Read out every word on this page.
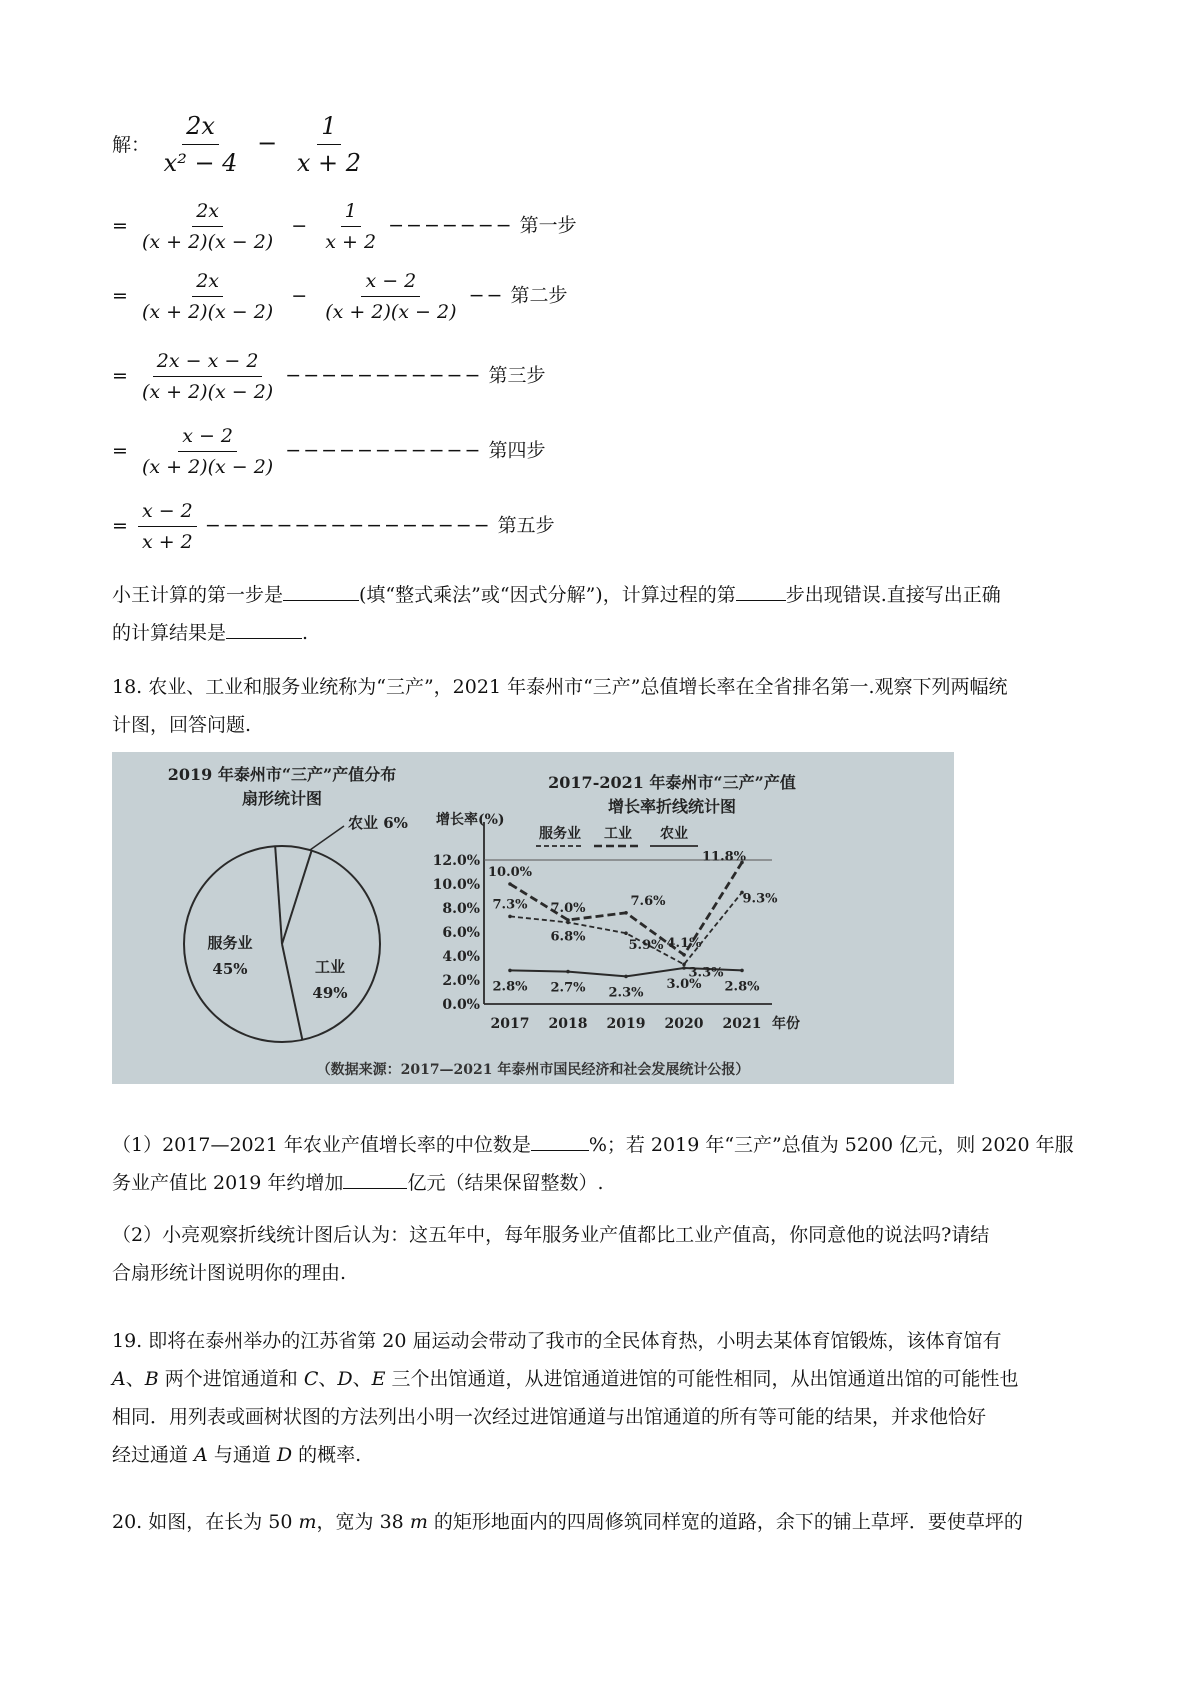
解： $\frac{2x}{\text{x² − 4}} - \frac{1}{x + 2}$
= $\frac{2x}{(x + 2)(x - 2)} - \frac{1}{x + 2}$ −−−−−−− 第一步
= $\frac{2x}{(x + 2)(x - 2)} - \frac{x - 2}{(x + 2)(x - 2)}$ −− 第二步
= $\frac{2x - x - 2}{(x + 2)(x - 2)}$ −−−−−−−−−−− 第三步
= $\frac{x - 2}{(x + 2)(x - 2)}$ −−−−−−−−−−− 第四步
= $\frac{x - 2}{x + 2}$ −−−−−−−−−−−−−−−− 第五步
小王计算的第一步是	(填“整式乘法”或“因式分解”)，计算过程的第	步出现错误.直接写出正确
的计算结果是	.
18. 农业、工业和服务业统称为“三产”，2021 年泰州市“三产”总值增长率在全省排名第一.观察下列两幅统
计图，回答问题.
2019 年泰州市“三产”产值分布
扇形统计图
农业 6%
服务业
45%	工业
49%
2017-2021 年泰州市“三产”产值
增长率折线统计图
增长率(%)
0.0%
2.0%
4.0%
6.0%
8.0%
10.0%
12.0%
2017 2018 2019 2020 2021 年份
服务业 工业 农业
7.3%
6.8%
5.9%
3.3%
9.3%
10.0%
7.0%	7.6%
4.1%
11.8%
2.8% 2.7% 2.3%
3.0% 2.8%
（数据来源：2017—2021 年泰州市国民经济和社会发展统计公报）
（1）2017—2021 年农业产值增长率的中位数是	%；若 2019 年“三产”总值为 5200 亿元，则 2020 年服
务业产值比 2019 年约增加	亿元（结果保留整数）.
（2）小亮观察折线统计图后认为：这五年中，每年服务业产值都比工业产值高，你同意他的说法吗?请结
合扇形统计图说明你的理由.
19. 即将在泰州举办的江苏省第 20 届运动会带动了我市的全民体育热，小明去某体育馆锻炼，该体育馆有
A、B 两个进馆通道和 C、D、E 三个出馆通道，从进馆通道进馆的可能性相同，从出馆通道出馆的可能性也
相同．用列表或画树状图的方法列出小明一次经过进馆通道与出馆通道的所有等可能的结果，并求他恰好
经过通道 A 与通道 D 的概率.
20. 如图，在长为 50 m，宽为 38 m 的矩形地面内的四周修筑同样宽的道路，余下的铺上草坪．要使草坪的
